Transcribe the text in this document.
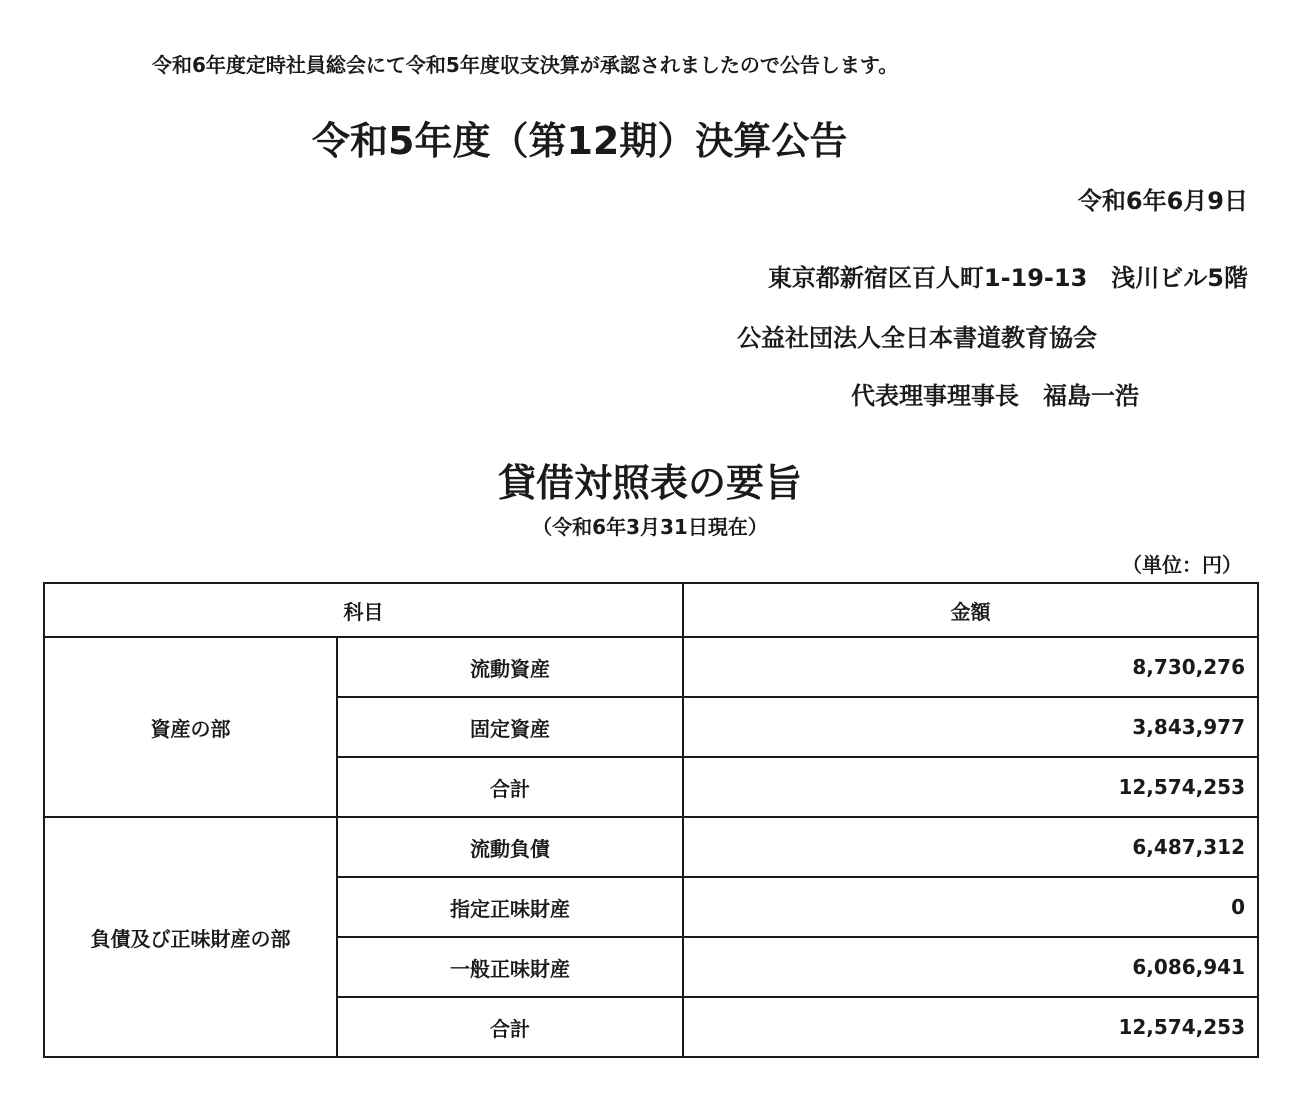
令和6年度定時社員総会にて令和5年度収支決算が承認されましたので公告します。
令和5年度（第12期）決算公告
令和6年6月9日
東京都新宿区百人町1-19-13　浅川ビル5階
公益社団法人全日本書道教育協会
代表理事理事長　福島一浩
貸借対照表の要旨
（令和6年3月31日現在）
（単位：円）
科目		金額
資産の部	流動資産	8,730,276
	固定資産	3,843,977
	合計	12,574,253
負債及び正味財産の部	流動負債	6,487,312
	指定正味財産	0
	一般正味財産	6,086,941
	合計	12,574,253
